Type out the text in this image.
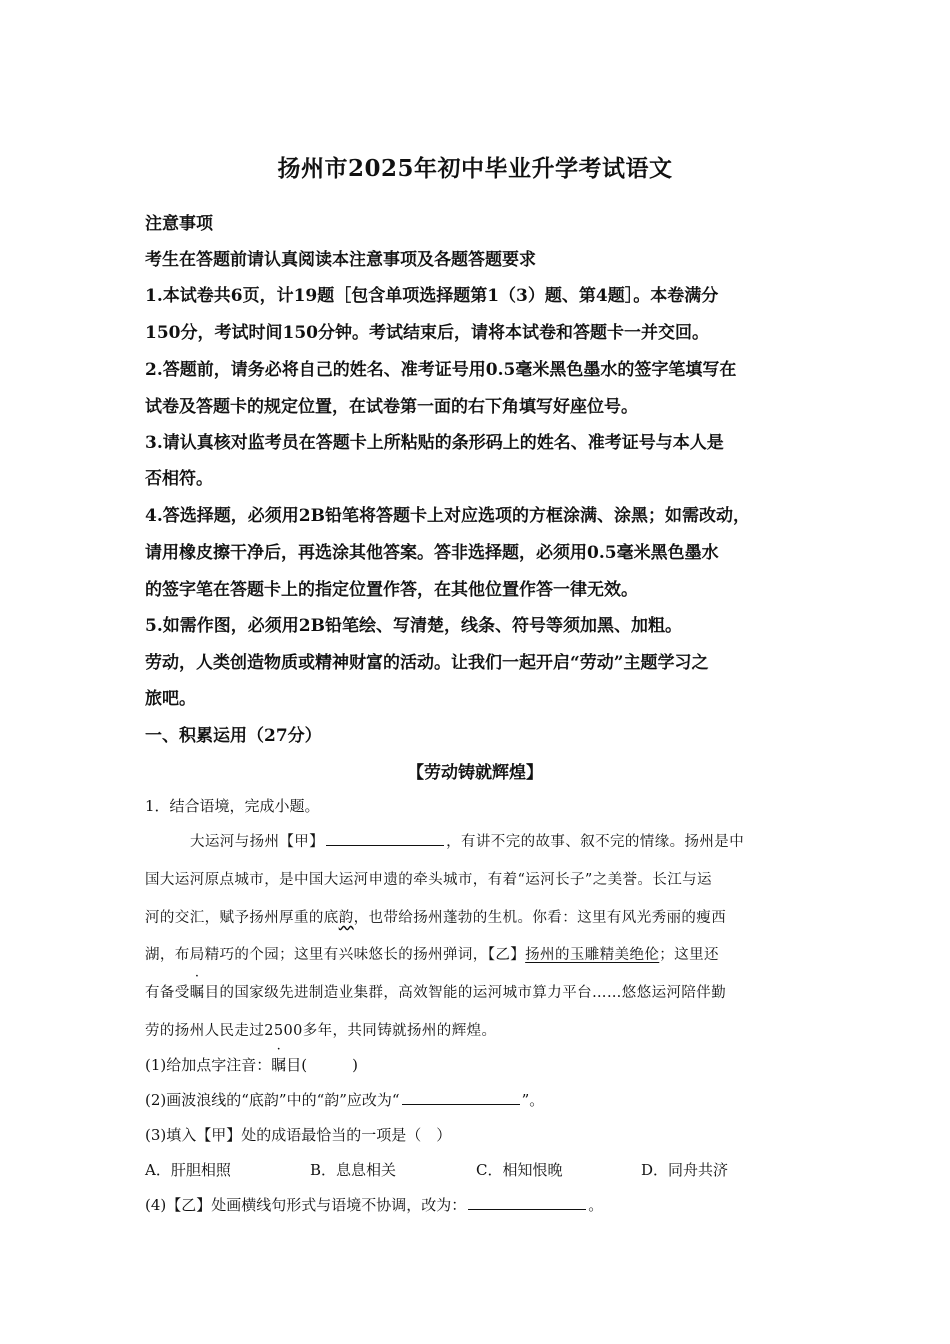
扬州市2025年初中毕业升学考试语文
注意事项
考生在答题前请认真阅读本注意事项及各题答题要求
1.本试卷共6页，计19题［包含单项选择题第1（3）题、第4题］。本卷满分
150分，考试时间150分钟。考试结束后，请将本试卷和答题卡一并交回。
2.答题前，请务必将自己的姓名、准考证号用0.5毫米黑色墨水的签字笔填写在
试卷及答题卡的规定位置，在试卷第一面的右下角填写好座位号。
3.请认真核对监考员在答题卡上所粘贴的条形码上的姓名、准考证号与本人是
否相符。
4.答选择题，必须用2B铅笔将答题卡上对应选项的方框涂满、涂黑；如需改动，
请用橡皮擦干净后，再选涂其他答案。答非选择题，必须用0.5毫米黑色墨水
的签字笔在答题卡上的指定位置作答，在其他位置作答一律无效。
5.如需作图，必须用2B铅笔绘、写清楚，线条、符号等须加黑、加粗。
劳动，人类创造物质或精神财富的活动。让我们一起开启“劳动”主题学习之
旅吧。
一、积累运用（27分）
【劳动铸就辉煌】
1．结合语境，完成小题。
大运河与扬州【甲】	，有讲不完的故事、叙不完的情缘。扬州是中
国大运河原点城市，是中国大运河申遗的牵头城市，有着“运河长子”之美誉。长江与运
河的交汇，赋予扬州厚重的底韵，也带给扬州蓬勃的生机。你看：这里有风光秀丽的瘦西
湖，布局精巧的个园；这里有兴味悠长的扬州弹词，【乙】扬州的玉雕精美绝伦；这里还
有备受瞩目的国家级先进制造业集群，高效智能的运河城市算力平台……悠悠运河陪伴勤
劳的扬州人民走过2500多年，共同铸就扬州的辉煌。
(1)给加点字注音：瞩目(　　　)
(2)画波浪线的“底韵”中的“韵”应改为“	”。
(3)填入【甲】处的成语最恰当的一项是（　）
A．肝胆相照	B．息息相关	C．相知恨晚	D．同舟共济
(4)【乙】处画横线句形式与语境不协调，改为：	。
